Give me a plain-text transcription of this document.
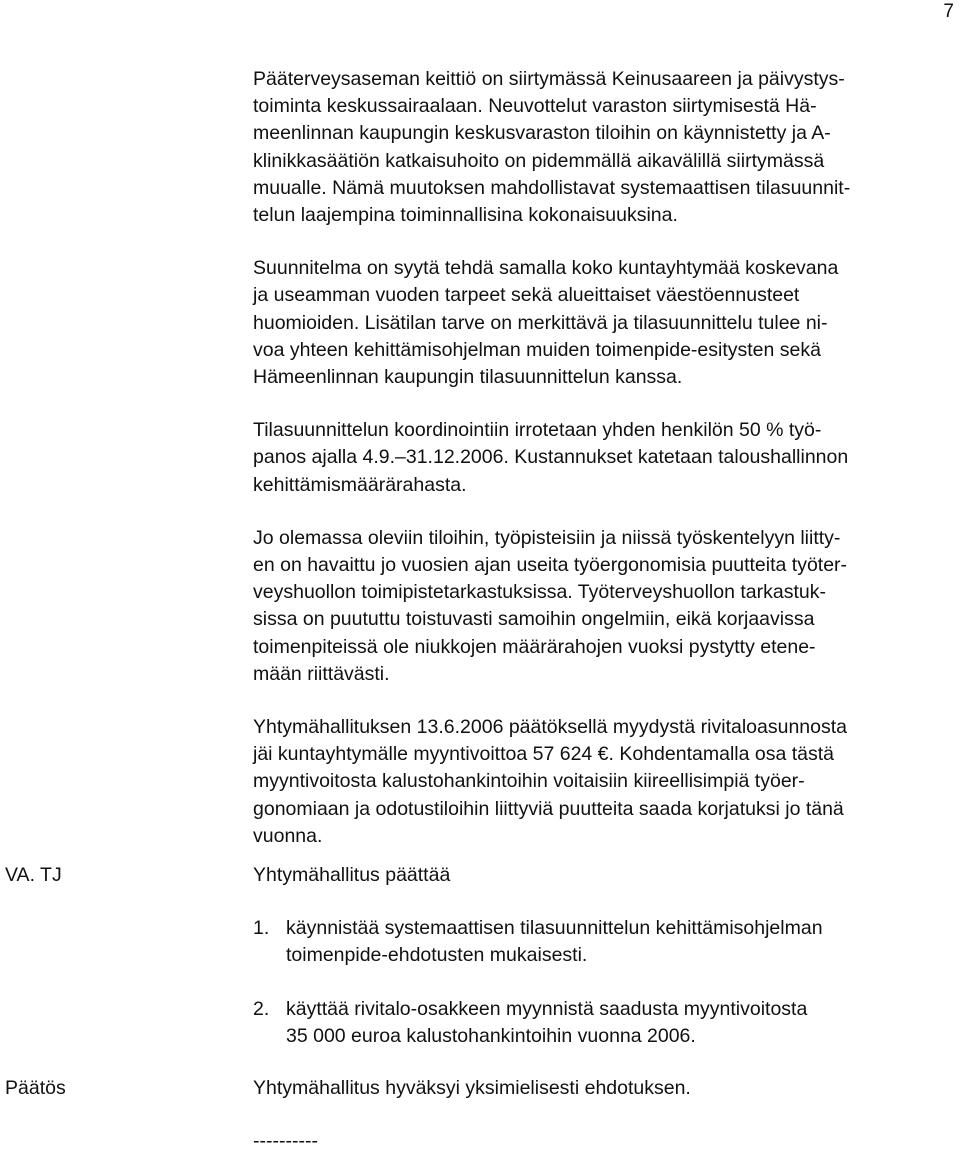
7

Pääterveysaseman keittiö on siirtymässä Keinusaareen ja päivystys-
toiminta keskussairaalaan. Neuvottelut varaston siirtymisestä Hä-
meenlinnan kaupungin keskusvaraston tiloihin on käynnistetty ja A-
klinikkasäätiön katkaisuhoito on pidemmällä aikavälillä siirtymässä
muualle. Nämä muutoksen mahdollistavat systemaattisen tilasuunnit-
telun laajempina toiminnallisina kokonaisuuksina.

Suunnitelma on syytä tehdä samalla koko kuntayhtymää koskevana
ja useamman vuoden tarpeet sekä alueittaiset väestöennusteet
huomioiden. Lisätilan tarve on merkittävä ja tilasuunnittelu tulee ni-
voa yhteen kehittämisohjelman muiden toimenpide-esitysten sekä
Hämeenlinnan kaupungin tilasuunnittelun kanssa.

Tilasuunnittelun koordinointiin irrotetaan yhden henkilön 50 % työ-
panos ajalla 4.9.–31.12.2006. Kustannukset katetaan taloushallinnon
kehittämismäärärahasta.

Jo olemassa oleviin tiloihin, työpisteisiin ja niissä työskentelyyn liitty-
en on havaittu jo vuosien ajan useita työergonomisia puutteita työter-
veyshuollon toimipistetarkastuksissa. Työterveyshuollon tarkastuk-
sissa on puututtu toistuvasti samoihin ongelmiin, eikä korjaavissa
toimenpiteissä ole niukkojen määrärahojen vuoksi pystytty etene-
mään riittävästi.

Yhtymähallituksen 13.6.2006 päätöksellä myydystä rivitaloasunnosta
jäi kuntayhtymälle myyntivoittoa 57 624 €. Kohdentamalla osa tästä
myyntivoitosta kalustohankintoihin voitaisiin kiireellisimpiä työer-
gonomiaan ja odotustiloihin liittyviä puutteita saada korjatuksi jo tänä
vuonna.

VA. TJ	Yhtymähallitus päättää

1. käynnistää systemaattisen tilasuunnittelun kehittämisohjelman
toimenpide-ehdotusten mukaisesti.
2. käyttää rivitalo-osakkeen myynnistä saadusta myyntivoitosta
35 000 euroa kalustohankintoihin vuonna 2006.
Päätös	Yhtymähallitus hyväksyi yksimielisesti ehdotuksen.
----------
